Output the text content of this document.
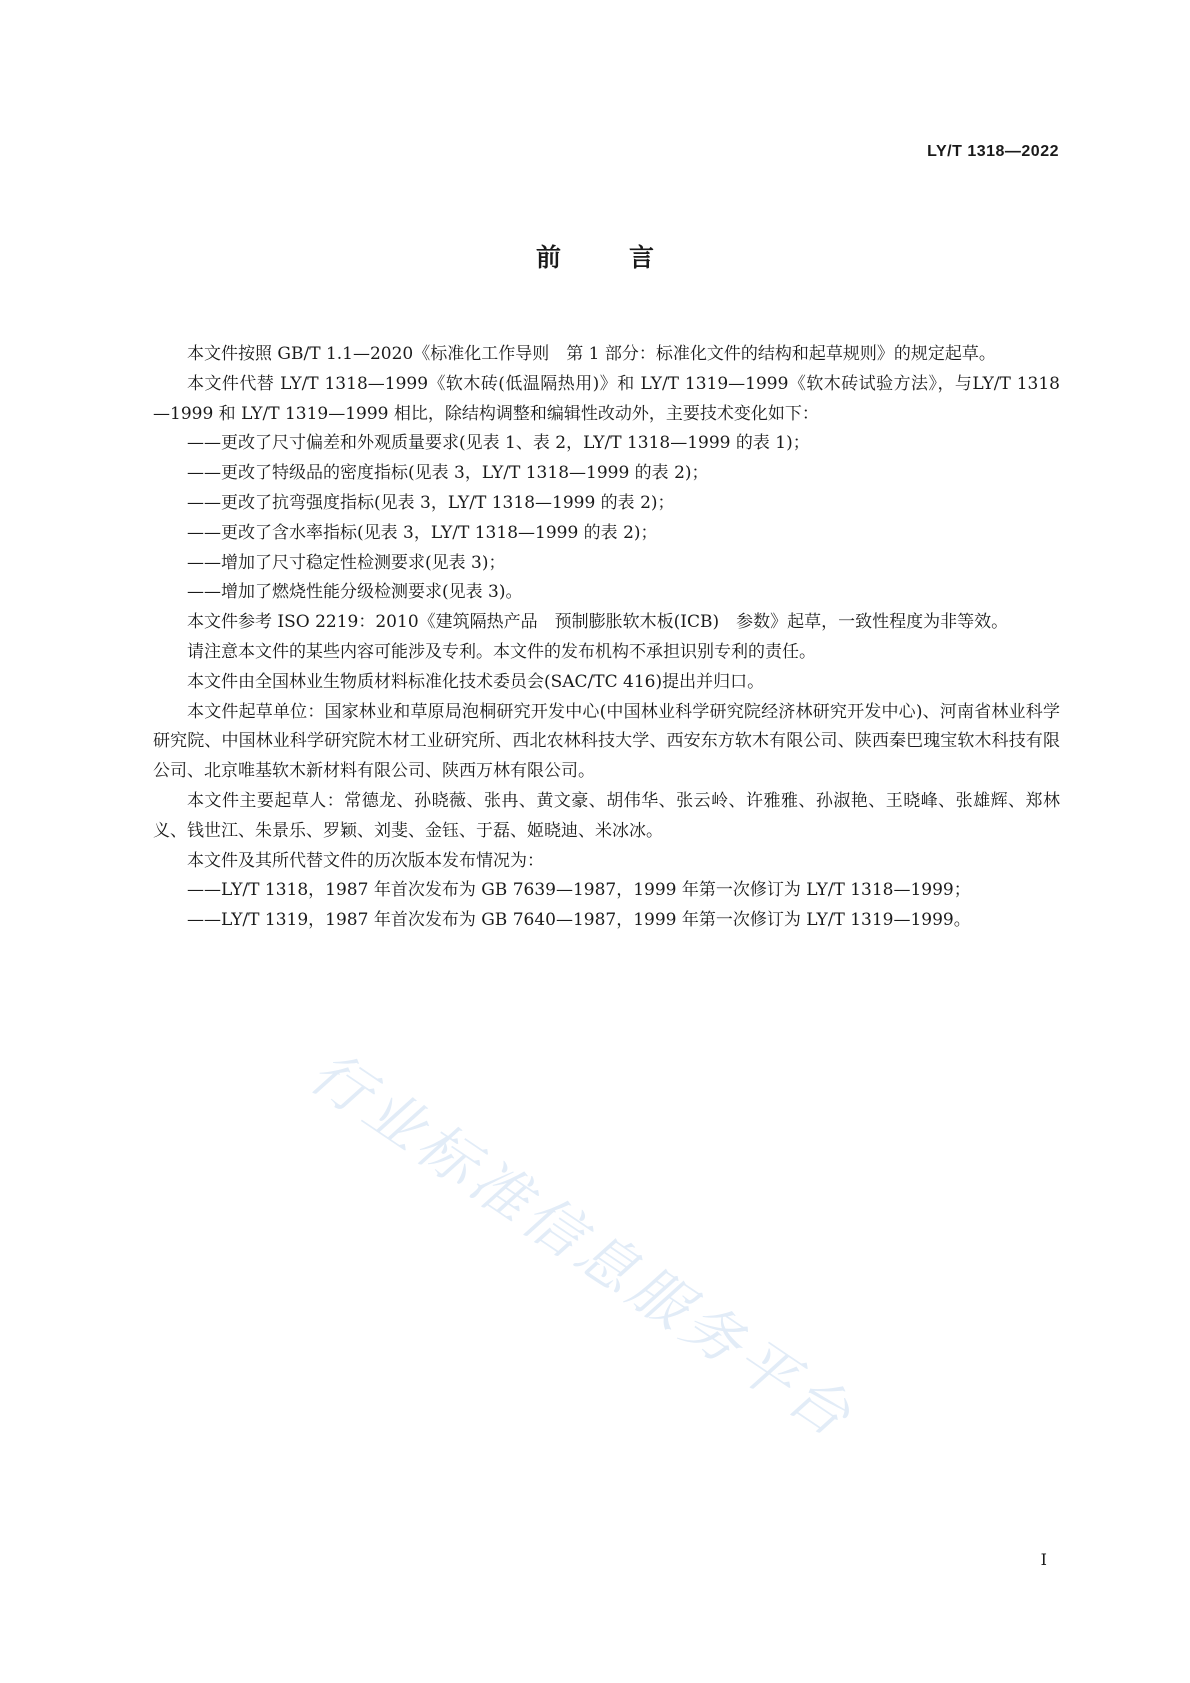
LY/T 1318—2022
前言

本文件按照 GB/T 1.1—2020《标准化工作导则　第 1 部分：标准化文件的结构和起草规则》的规定起草。

本文件代替 LY/T 1318—1999《软木砖(低温隔热用)》和 LY/T 1319—1999《软木砖试验方法》，与LY/T 1318—1999 和 LY/T 1319—1999 相比，除结构调整和编辑性改动外，主要技术变化如下：

——更改了尺寸偏差和外观质量要求(见表 1、表 2，LY/T 1318—1999 的表 1)；

——更改了特级品的密度指标(见表 3，LY/T 1318—1999 的表 2)；

——更改了抗弯强度指标(见表 3，LY/T 1318—1999 的表 2)；

——更改了含水率指标(见表 3，LY/T 1318—1999 的表 2)；

——增加了尺寸稳定性检测要求(见表 3)；

——增加了燃烧性能分级检测要求(见表 3)。

本文件参考 ISO 2219：2010《建筑隔热产品　预制膨胀软木板(ICB)　参数》起草，一致性程度为非等效。

请注意本文件的某些内容可能涉及专利。本文件的发布机构不承担识别专利的责任。

本文件由全国林业生物质材料标准化技术委员会(SAC/TC 416)提出并归口。

本文件起草单位：国家林业和草原局泡桐研究开发中心(中国林业科学研究院经济林研究开发中心)、河南省林业科学研究院、中国林业科学研究院木材工业研究所、西北农林科技大学、西安东方软木有限公司、陕西秦巴瑰宝软木科技有限公司、北京唯基软木新材料有限公司、陕西万林有限公司。

本文件主要起草人：常德龙、孙晓薇、张冉、黄文豪、胡伟华、张云岭、许雅雅、孙淑艳、王晓峰、张雄辉、郑林义、钱世江、朱景乐、罗颖、刘斐、金钰、于磊、姬晓迪、米冰冰。

本文件及其所代替文件的历次版本发布情况为：

——LY/T 1318，1987 年首次发布为 GB 7639—1987，1999 年第一次修订为 LY/T 1318—1999；

——LY/T 1319，1987 年首次发布为 GB 7640—1987，1999 年第一次修订为 LY/T 1319—1999。

行业标准信息服务平台
I
